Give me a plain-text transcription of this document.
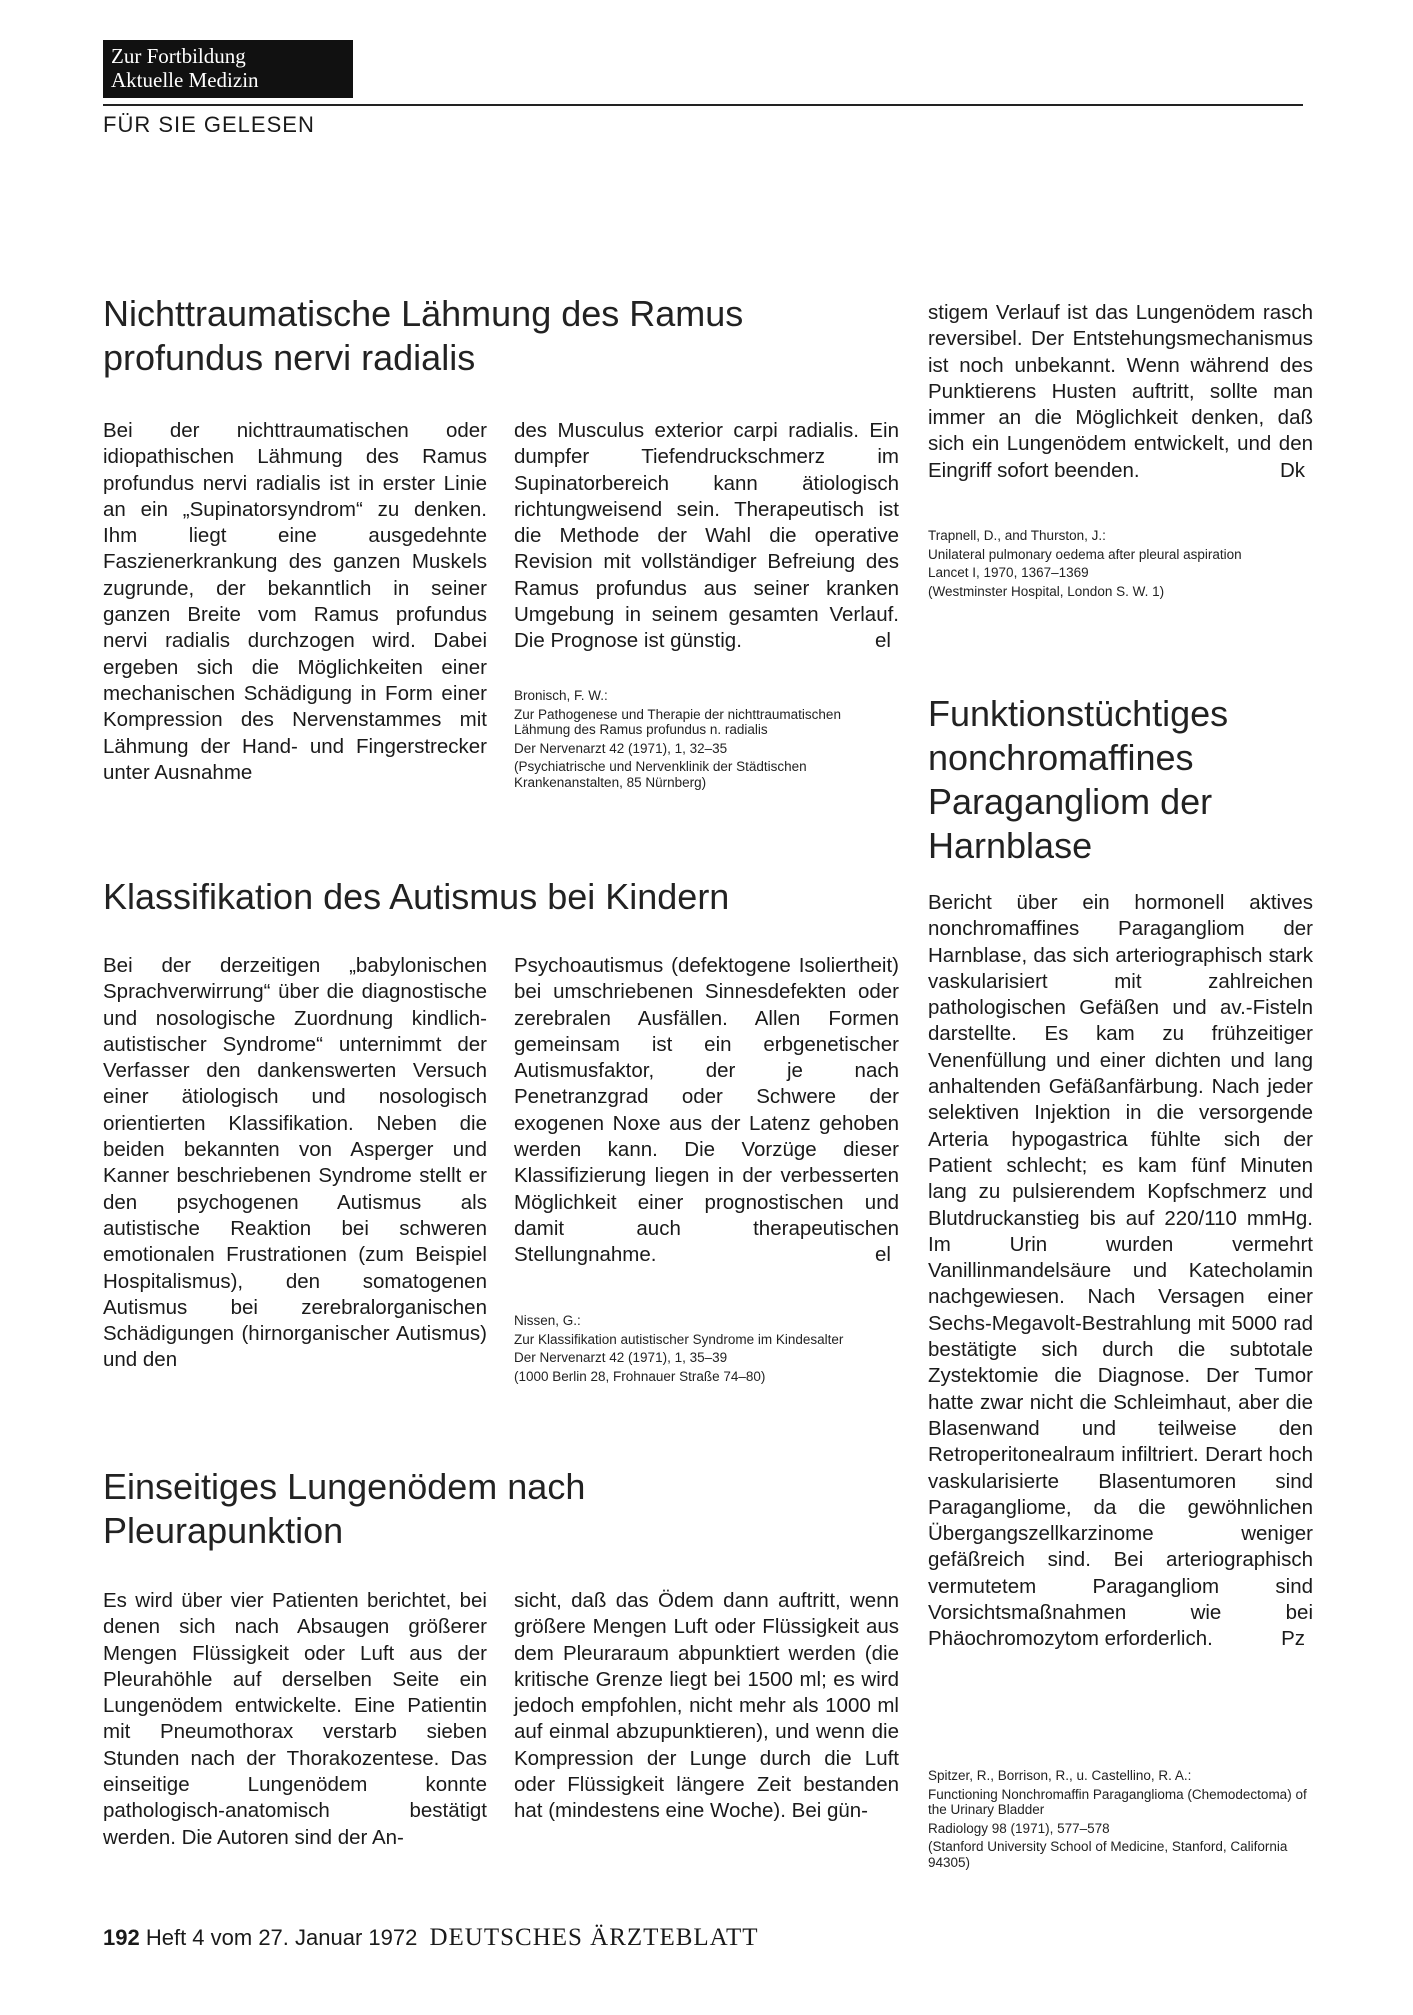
Zur Fortbildung
Aktuelle Medizin
FÜR SIE GELESEN
Nichttraumatische Lähmung des Ramus profundus nervi radialis

Bei der nichttraumatischen oder idiopathischen Lähmung des Ramus profundus nervi radialis ist in erster Linie an ein „Supinatorsyndrom“ zu denken. Ihm liegt eine ausgedehnte Faszienerkrankung des ganzen Muskels zugrunde, der bekanntlich in seiner ganzen Breite vom Ramus profundus nervi radialis durchzogen wird. Dabei ergeben sich die Möglichkeiten einer mechanischen Schädigung in Form einer Kompression des Nervenstammes mit Lähmung der Hand- und Fingerstrecker unter Ausnahme

des Musculus exterior carpi radialis. Ein dumpfer Tiefendruckschmerz im Supinatorbereich kann ätiologisch richtungweisend sein. Therapeutisch ist die Methode der Wahl die operative Revision mit vollständiger Befreiung des Ramus profundus aus seiner kranken Umgebung in seinem gesamten Verlauf. Die Prognose ist günstig.	el

Bronisch, F. W.:

Zur Pathogenese und Therapie der nichttraumatischen Lähmung des Ramus profundus n. radialis

Der Nervenarzt 42 (1971), 1, 32–35

(Psychiatrische und Nervenklinik der Städtischen Krankenanstalten, 85 Nürnberg)

Klassifikation des Autismus bei Kindern

Bei der derzeitigen „babylonischen Sprachverwirrung“ über die diagnostische und nosologische Zuordnung kindlich-autistischer Syndrome“ unternimmt der Verfasser den dankenswerten Versuch einer ätiologisch und nosologisch orientierten Klassifikation. Neben die beiden bekannten von Asperger und Kanner beschriebenen Syndrome stellt er den psychogenen Autismus als autistische Reaktion bei schweren emotionalen Frustrationen (zum Beispiel Hospitalismus), den somatogenen Autismus bei zerebralorganischen Schädigungen (hirnorganischer Autismus) und den

Psychoautismus (defektogene Isoliertheit) bei umschriebenen Sinnesdefekten oder zerebralen Ausfällen. Allen Formen gemeinsam ist ein erbgenetischer Autismusfaktor, der je nach Penetranzgrad oder Schwere der exogenen Noxe aus der Latenz gehoben werden kann. Die Vorzüge dieser Klassifizierung liegen in der verbesserten Möglichkeit einer prognostischen und damit auch therapeutischen Stellungnahme.	el

Nissen, G.:

Zur Klassifikation autistischer Syndrome im Kindesalter

Der Nervenarzt 42 (1971), 1, 35–39

(1000 Berlin 28, Frohnauer Straße 74–80)

Einseitiges Lungenödem nach Pleurapunktion

Es wird über vier Patienten berichtet, bei denen sich nach Absaugen größerer Mengen Flüssigkeit oder Luft aus der Pleurahöhle auf derselben Seite ein Lungenödem entwickelte. Eine Patientin mit Pneumothorax verstarb sieben Stunden nach der Thorakozentese. Das einseitige Lungenödem konnte pathologisch-anatomisch bestätigt werden. Die Autoren sind der An-

sicht, daß das Ödem dann auftritt, wenn größere Mengen Luft oder Flüssigkeit aus dem Pleuraraum abpunktiert werden (die kritische Grenze liegt bei 1500 ml; es wird jedoch empfohlen, nicht mehr als 1000 ml auf einmal abzupunktieren), und wenn die Kompression der Lunge durch die Luft oder Flüssigkeit längere Zeit bestanden hat (mindestens eine Woche). Bei gün-

stigem Verlauf ist das Lungenödem rasch reversibel. Der Entstehungsmechanismus ist noch unbekannt. Wenn während des Punktierens Husten auftritt, sollte man immer an die Möglichkeit denken, daß sich ein Lungenödem entwickelt, und den Eingriff sofort beenden.	Dk

Trapnell, D., and Thurston, J.:

Unilateral pulmonary oedema after pleural aspiration

Lancet I, 1970, 1367–1369

(Westminster Hospital, London S. W. 1)

Funktionstüchtiges nonchromaffines Paragangliom der Harnblase
Bericht über ein hormonell aktives nonchromaffines Paragangliom der Harnblase, das sich arteriographisch stark vaskularisiert mit zahlreichen pathologischen Gefäßen und av.-Fisteln darstellte. Es kam zu frühzeitiger Venenfüllung und einer dichten und lang anhaltenden Gefäßanfärbung. Nach jeder selektiven Injektion in die versorgende Arteria hypogastrica fühlte sich der Patient schlecht; es kam fünf Minuten lang zu pulsierendem Kopfschmerz und Blutdruckanstieg bis auf 220/110 mmHg. Im Urin wurden vermehrt Vanillinmandelsäure und Katecholamin nachgewiesen. Nach Versagen einer Sechs-Megavolt-Bestrahlung mit 5000 rad bestätigte sich durch die subtotale Zystektomie die Diagnose. Der Tumor hatte zwar nicht die Schleimhaut, aber die Blasenwand und teilweise den Retroperitonealraum infiltriert. Derart hoch vaskularisierte Blasentumoren sind Paragangliome, da die gewöhnlichen Übergangszellkarzinome weniger gefäßreich sind. Bei arteriographisch vermutetem Paragangliom sind Vorsichtsmaßnahmen wie bei Phäochromozytom erforderlich.	Pz

Spitzer, R., Borrison, R., u. Castellino, R. A.:

Functioning Nonchromaffin Paraganglioma (Chemodectoma) of the Urinary Bladder

Radiology 98 (1971), 577–578

(Stanford University School of Medicine, Stanford, California 94305)

192 Heft 4 vom 27. Januar 1972 DEUTSCHES ÄRZTEBLATT
